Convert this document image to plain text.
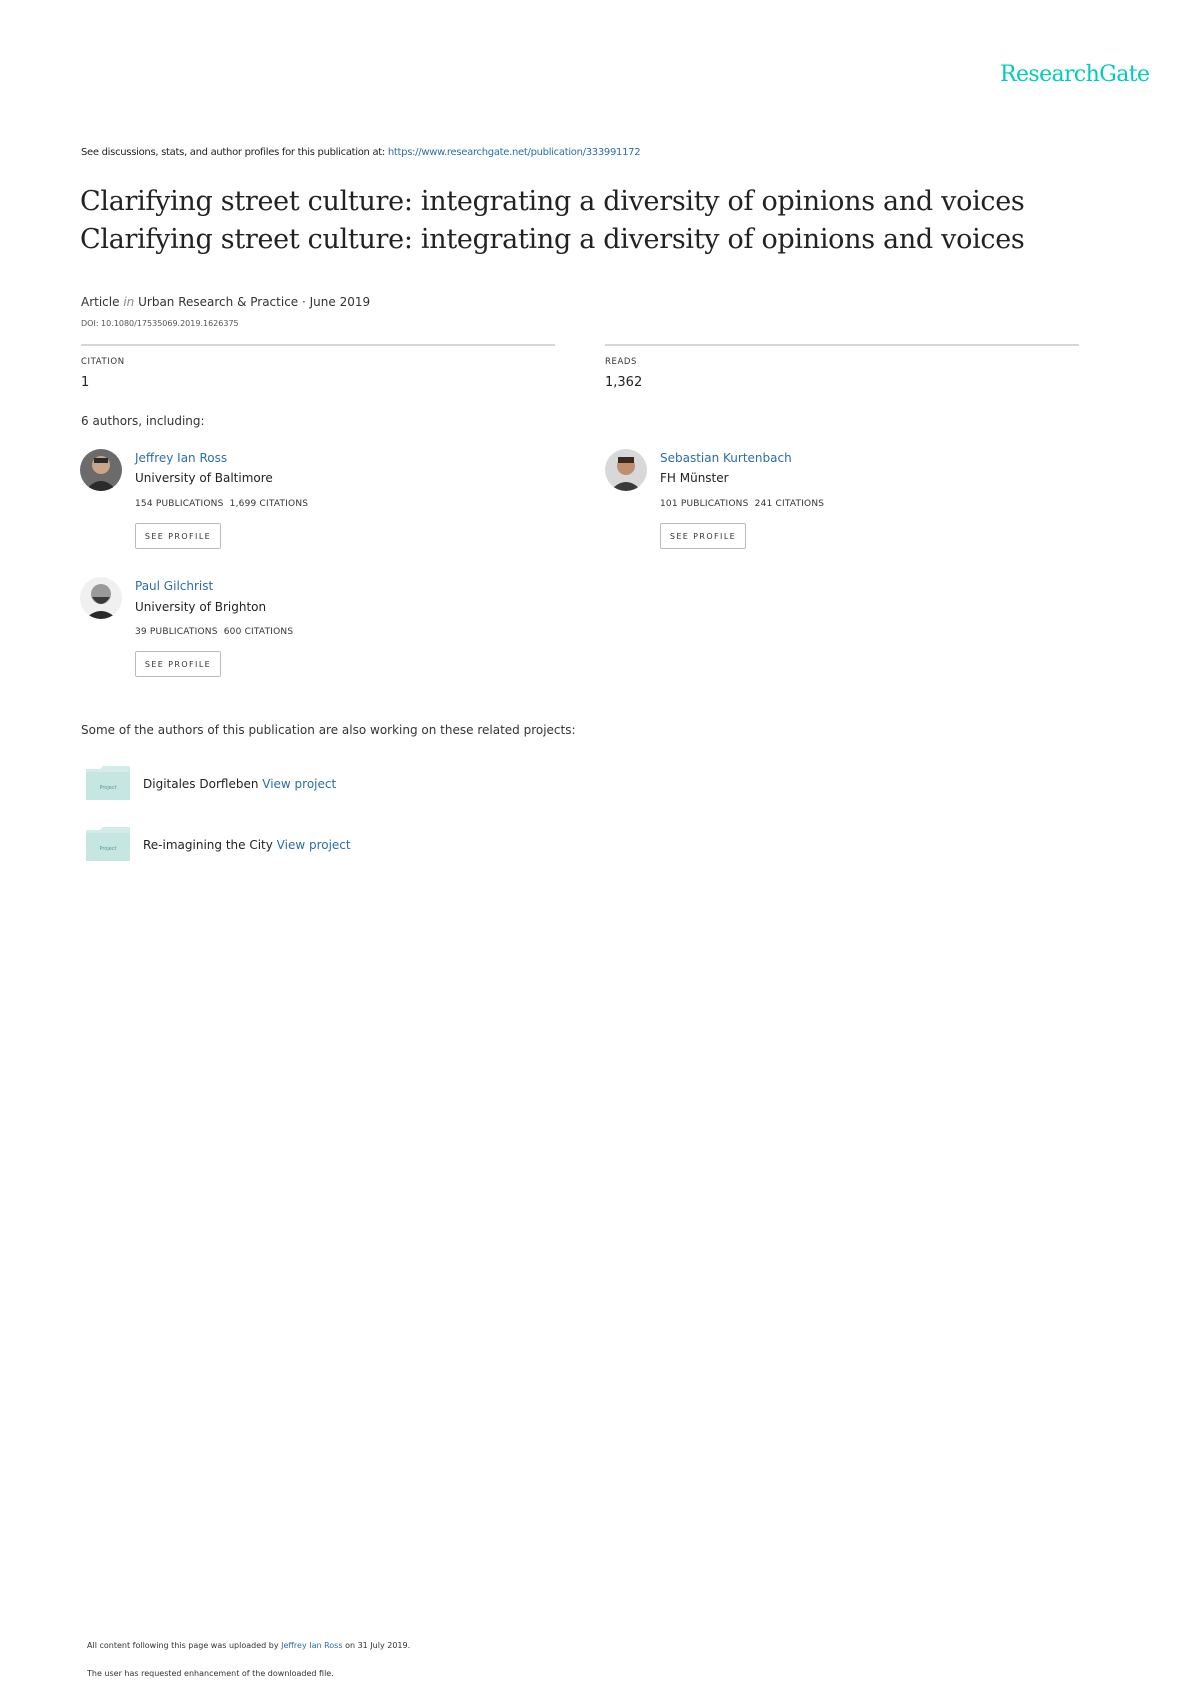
ResearchGate
See discussions, stats, and author profiles for this publication at: https://www.researchgate.net/publication/333991172
Clarifying street culture: integrating a diversity of opinions and voices
Clarifying street culture: integrating a diversity of opinions and voices
Article in Urban Research & Practice · June 2019
DOI: 10.1080/17535069.2019.1626375
CITATION
1
READS
1,362
6 authors, including:
Jeffrey Ian Ross
University of Baltimore
154 PUBLICATIONS 1,699 CITATIONS
SEE PROFILE
Sebastian Kurtenbach
FH Münster
101 PUBLICATIONS 241 CITATIONS
SEE PROFILE
Paul Gilchrist
University of Brighton
39 PUBLICATIONS 600 CITATIONS
SEE PROFILE
Some of the authors of this publication are also working on these related projects:
Project Digitales Dorfleben View project
Project Re-imagining the City View project
All content following this page was uploaded by Jeffrey Ian Ross on 31 July 2019.
The user has requested enhancement of the downloaded file.
